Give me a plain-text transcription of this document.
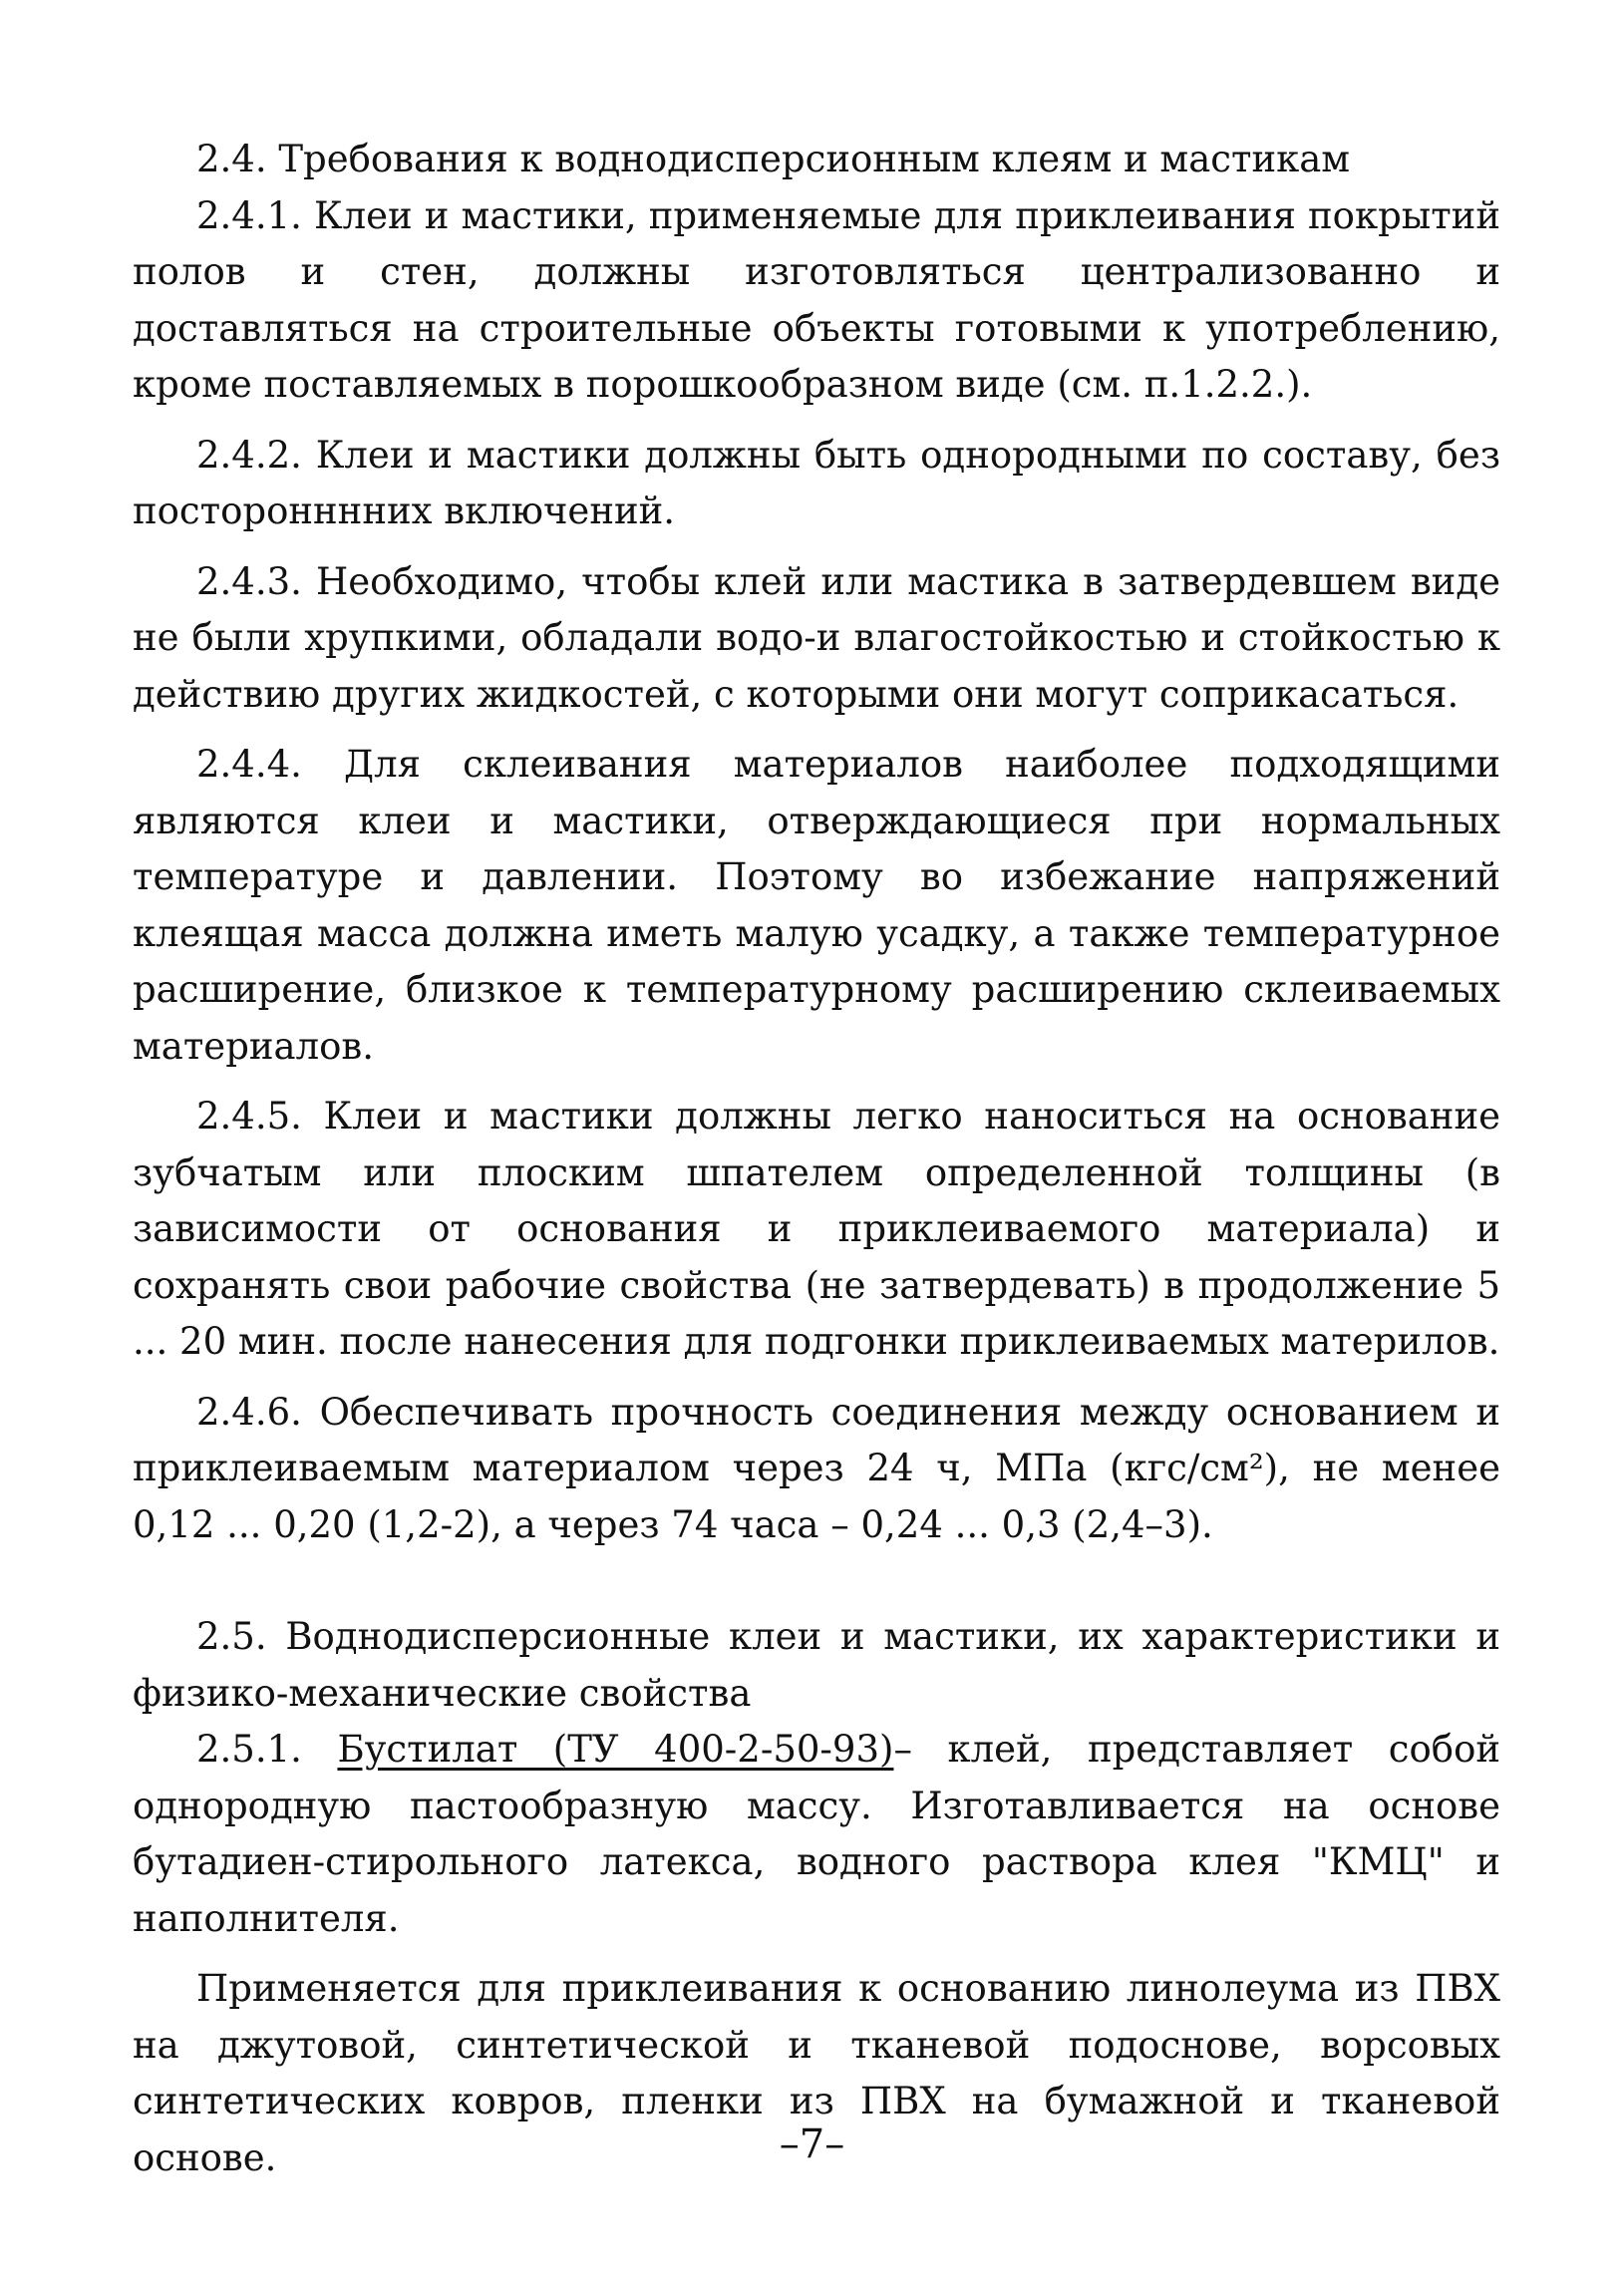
2.4. Требования к воднодисперсионным клеям и мастикам

2.4.1. Клеи и мастики, применяемые для приклеивания покрытий полов и стен, должны изготовляться централизованно и доставляться на строительные объекты готовыми к употреблению, кроме поставляемых в порошкообразном виде (см. п.1.2.2.).

2.4.2. Клеи и мастики должны быть однородными по составу, без посторонннних включений.

2.4.3. Необходимо, чтобы клей или мастика в затвердевшем виде не были хрупкими, обладали водо-и влагостойкостью и стойкостью к действию других жидкостей, с которыми они могут соприкасаться.

2.4.4. Для склеивания материалов наиболее подходящими являются клеи и мастики, отверждающиеся при нормальных температуре и давлении. Поэтому во избежание напряжений клеящая масса должна иметь малую усадку, а также температурное расширение, близкое к температурному расширению склеиваемых материалов.

2.4.5. Клеи и мастики должны легко наноситься на основание зубчатым или плоским шпателем определенной толщины (в зависимости от основания и приклеиваемого материала) и сохранять свои рабочие свойства (не затвердевать) в продолжение 5 ... 20 мин. после нанесения для подгонки приклеиваемых материлов.

2.4.6. Обеспечивать прочность соединения между основанием и приклеиваемым материалом через 24 ч, МПа (кгс/см²), не менее 0,12 ... 0,20 (1,2-2), а через 74 часа – 0,24 ... 0,3 (2,4–3).

2.5. Воднодисперсионные клеи и мастики, их характеристики и физико-механические свойства

2.5.1. Бустилат (ТУ 400-2-50-93)– клей, представляет собой однородную пастообразную массу. Изготавливается на основе бутадиен-стирольного латекса, водного раствора клея "КМЦ" и наполнителя.

Применяется для приклеивания к основанию линолеума из ПВХ на джутовой, синтетической и тканевой подоснове, ворсовых синтетических ковров, пленки из ПВХ на бумажной и тканевой основе.	–7–
